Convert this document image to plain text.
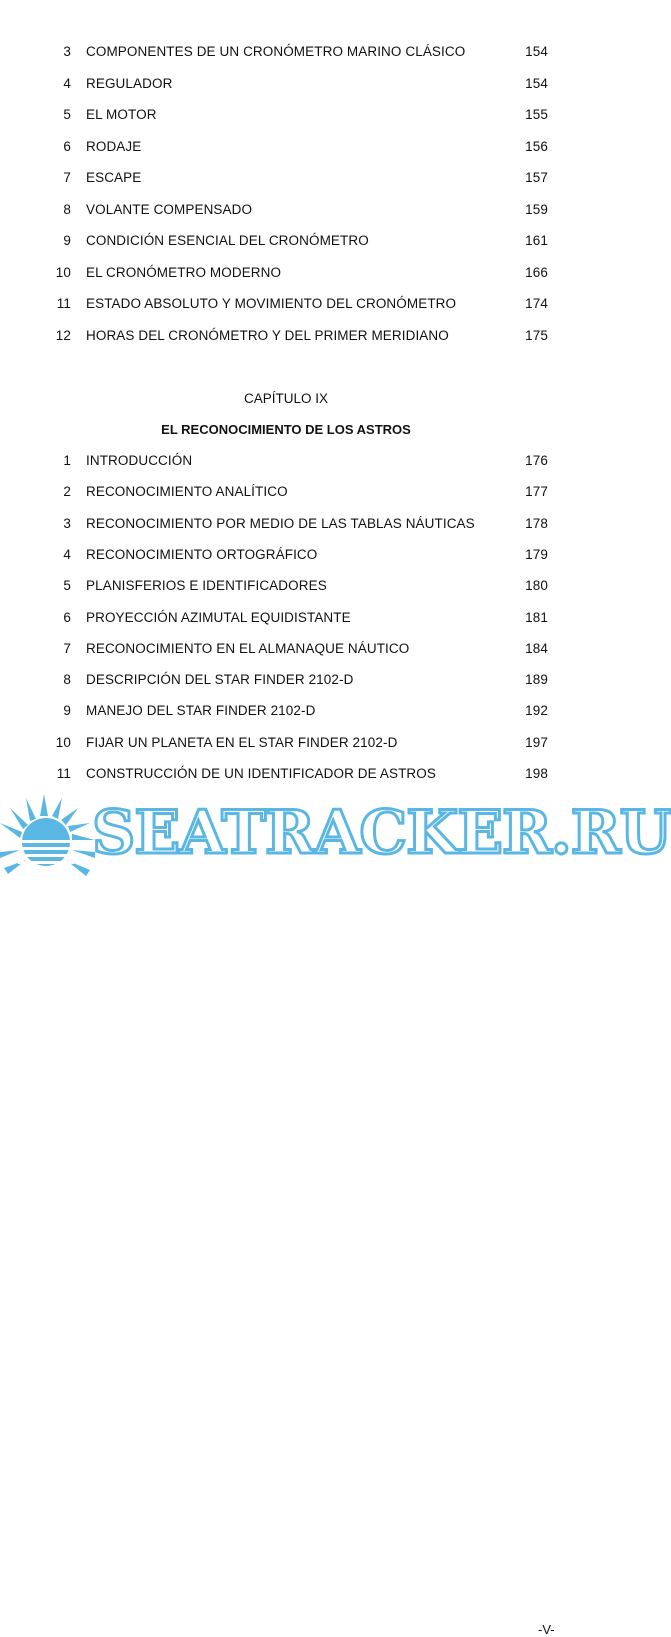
3 COMPONENTES DE UN CRONÓMETRO MARINO CLÁSICO	154
4 REGULADOR	154
5 EL MOTOR	155
6 RODAJE	156
7 ESCAPE	157
8 VOLANTE COMPENSADO	159
9 CONDICIÓN ESENCIAL DEL CRONÓMETRO	161
10 EL CRONÓMETRO MODERNO	166
11 ESTADO ABSOLUTO Y MOVIMIENTO DEL CRONÓMETRO	174
12 HORAS DEL CRONÓMETRO Y DEL PRIMER MERIDIANO	175
CAPÍTULO IX
EL RECONOCIMIENTO DE LOS ASTROS
1 INTRODUCCIÓN	176
2 RECONOCIMIENTO ANALÍTICO	177
3 RECONOCIMIENTO POR MEDIO DE LAS TABLAS NÁUTICAS	178
4 RECONOCIMIENTO ORTOGRÁFICO	179
5 PLANISFERIOS E IDENTIFICADORES	180
6 PROYECCIÓN AZIMUTAL EQUIDISTANTE	181
7 RECONOCIMIENTO EN EL ALMANAQUE NÁUTICO	184
8 DESCRIPCIÓN DEL STAR FINDER 2102-D	189
9 MANEJO DEL STAR FINDER 2102-D	192
10 FIJAR UN PLANETA EN EL STAR FINDER 2102-D	197
11 CONSTRUCCIÓN DE UN IDENTIFICADOR DE ASTROS	198
-V-
SEATRACKER.RU
